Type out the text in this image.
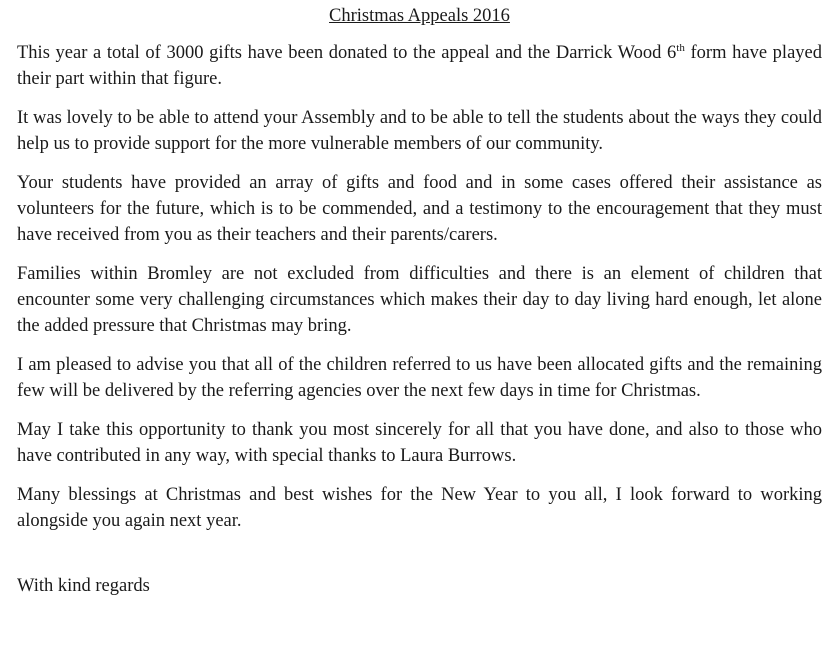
Christmas Appeals 2016

This year a total of 3000 gifts have been donated to the appeal and the Darrick Wood 6th form have played their part within that figure.

It was lovely to be able to attend your Assembly and to be able to tell the students about the ways they could help us to provide support for the more vulnerable members of our community.

Your students have provided an array of gifts and food and in some cases offered their assistance as volunteers for the future, which is to be commended, and a testimony to the encouragement that they must have received from you as their teachers and their parents/carers.

Families within Bromley are not excluded from difficulties and there is an element of children that encounter some very challenging circumstances which makes their day to day living hard enough, let alone the added pressure that Christmas may bring.

I am pleased to advise you that all of the children referred to us have been allocated gifts and the remaining few will be delivered by the referring agencies over the next few days in time for Christmas.

May I take this opportunity to thank you most sincerely for all that you have done, and also to those who have contributed in any way, with special thanks to Laura Burrows.

Many blessings at Christmas and best wishes for the New Year to you all, I look forward to working alongside you again next year.

With kind regards
